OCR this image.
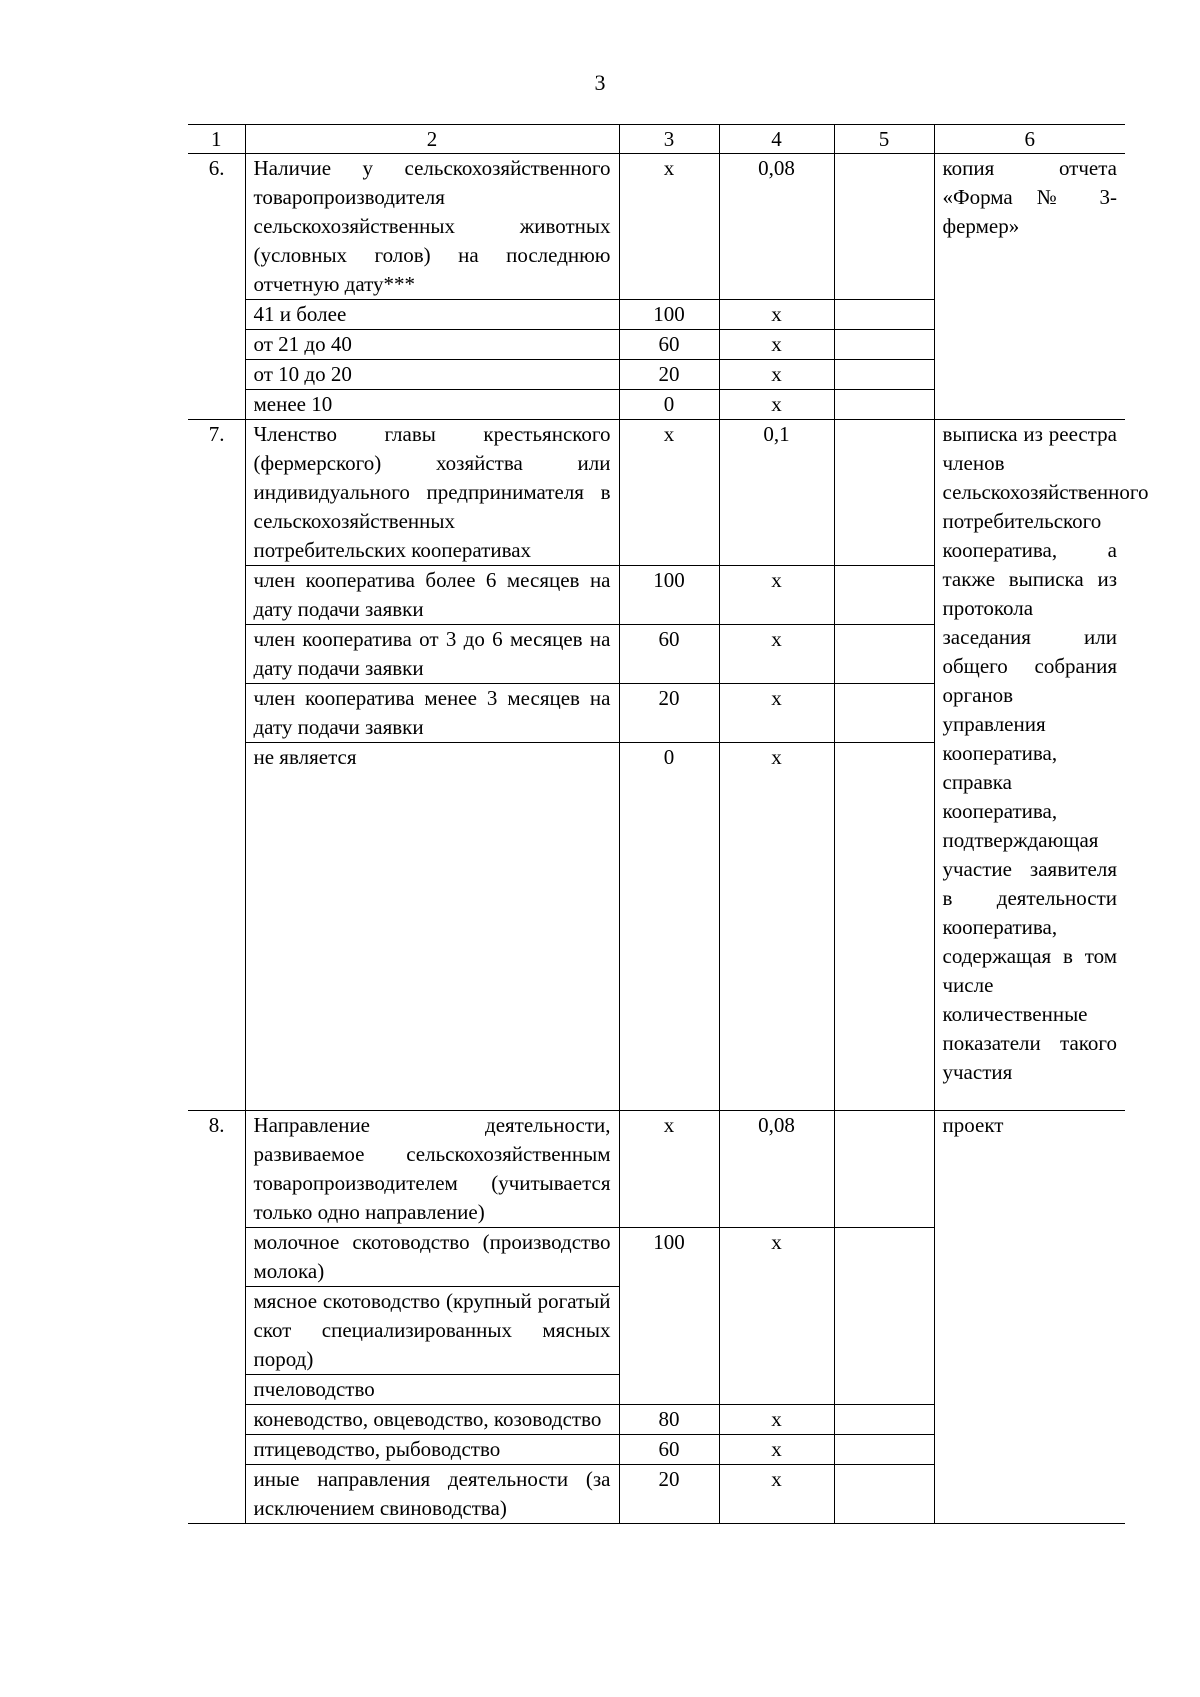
3
1	2	3	4	5	6
6.	Наличие у сельскохозяйственного товаропроизводителя сельскохозяйственных животных (условных голов) на последнюю отчетную дату***	х	0,08		копия отчета «Форма № 3-фермер»
	41 и более	100	х		
	от 21 до 40	60	х		
	от 10 до 20	20	х		
	менее 10	0	х		
7.	Членство главы крестьянского (фермерского) хозяйства или индивидуального предпринимателя в сельскохозяйственных потребительских кооперативах	х	0,1		выписка из реестра членов сельскохозяйственного потребительского кооператива, а также выписка из протокола заседания или общего собрания органов управления кооператива, справка кооператива, подтверждающая участие заявителя в деятельности кооператива, содержащая в том числе количественные показатели такого участия
	член кооператива более 6 месяцев на дату подачи заявки	100	х		
	член кооператива от 3 до 6 месяцев на дату подачи заявки	60	х		
	член кооператива менее 3 месяцев на дату подачи заявки	20	х		
	не является	0	х		
8.	Направление деятельности, развиваемое сельскохозяйственным товаропроизводителем (учитывается только одно направление)	х	0,08		проект
	молочное скотоводство (производство молока)	100	х		
	мясное скотоводство (крупный рогатый скот специализированных мясных пород)				
	пчеловодство				
	коневодство, овцеводство, козоводство	80	х		
	птицеводство, рыбоводство	60	х		
	иные направления деятельности (за исключением свиноводства)	20	х		
